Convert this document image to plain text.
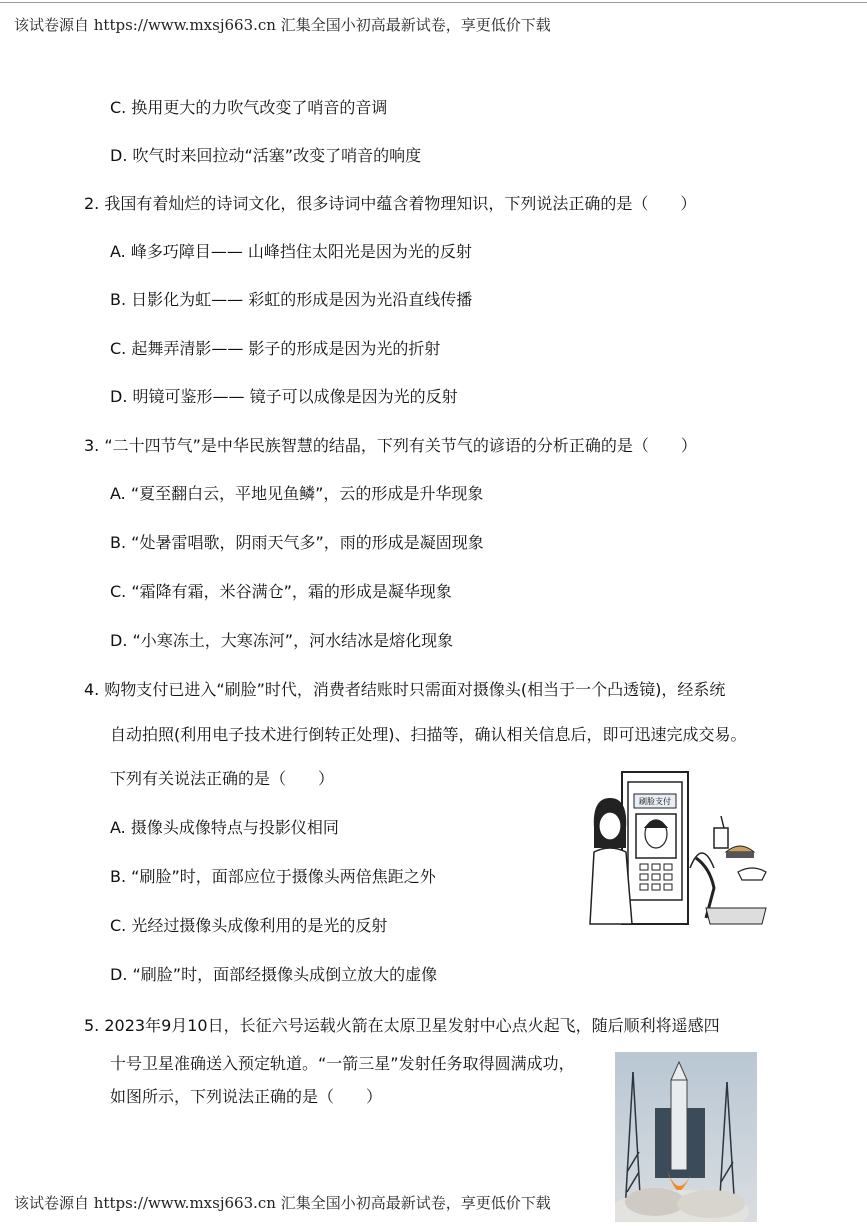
该试卷源自 https://www.mxsj663.cn 汇集全国小初高最新试卷，享更低价下载
C. 换用更大的力吹气改变了哨音的音调
D. 吹气时来回拉动“活塞”改变了哨音的响度
2. 我国有着灿烂的诗词文化，很多诗词中蕴含着物理知识，下列说法正确的是（　　）
A. 峰多巧障目—— 山峰挡住太阳光是因为光的反射
B. 日影化为虹—— 彩虹的形成是因为光沿直线传播
C. 起舞弄清影—— 影子的形成是因为光的折射
D. 明镜可鉴形—— 镜子可以成像是因为光的反射
3. “二十四节气”是中华民族智慧的结晶，下列有关节气的谚语的分析正确的是（　　）
A. “夏至翻白云，平地见鱼鳞”，云的形成是升华现象
B. “处暑雷唱歌，阴雨天气多”，雨的形成是凝固现象
C. “霜降有霜，米谷满仓”，霜的形成是凝华现象
D. “小寒冻土，大寒冻河”，河水结冰是熔化现象
4. 购物支付已进入“刷脸”时代，消费者结账时只需面对摄像头(相当于一个凸透镜)，经系统
自动拍照(利用电子技术进行倒转正处理)、扫描等，确认相关信息后，即可迅速完成交易。
下列有关说法正确的是（　　）
A. 摄像头成像特点与投影仪相同
B. “刷脸”时，面部应位于摄像头两倍焦距之外
C. 光经过摄像头成像利用的是光的反射
D. “刷脸”时，面部经摄像头成倒立放大的虚像
刷脸支付
5. 2023年9月10日，长征六号运载火箭在太原卫星发射中心点火起飞，随后顺利将遥感四
十号卫星准确送入预定轨道。“一箭三星”发射任务取得圆满成功，
如图所示，下列说法正确的是（　　）
该试卷源自 https://www.mxsj663.cn 汇集全国小初高最新试卷，享更低价下载
